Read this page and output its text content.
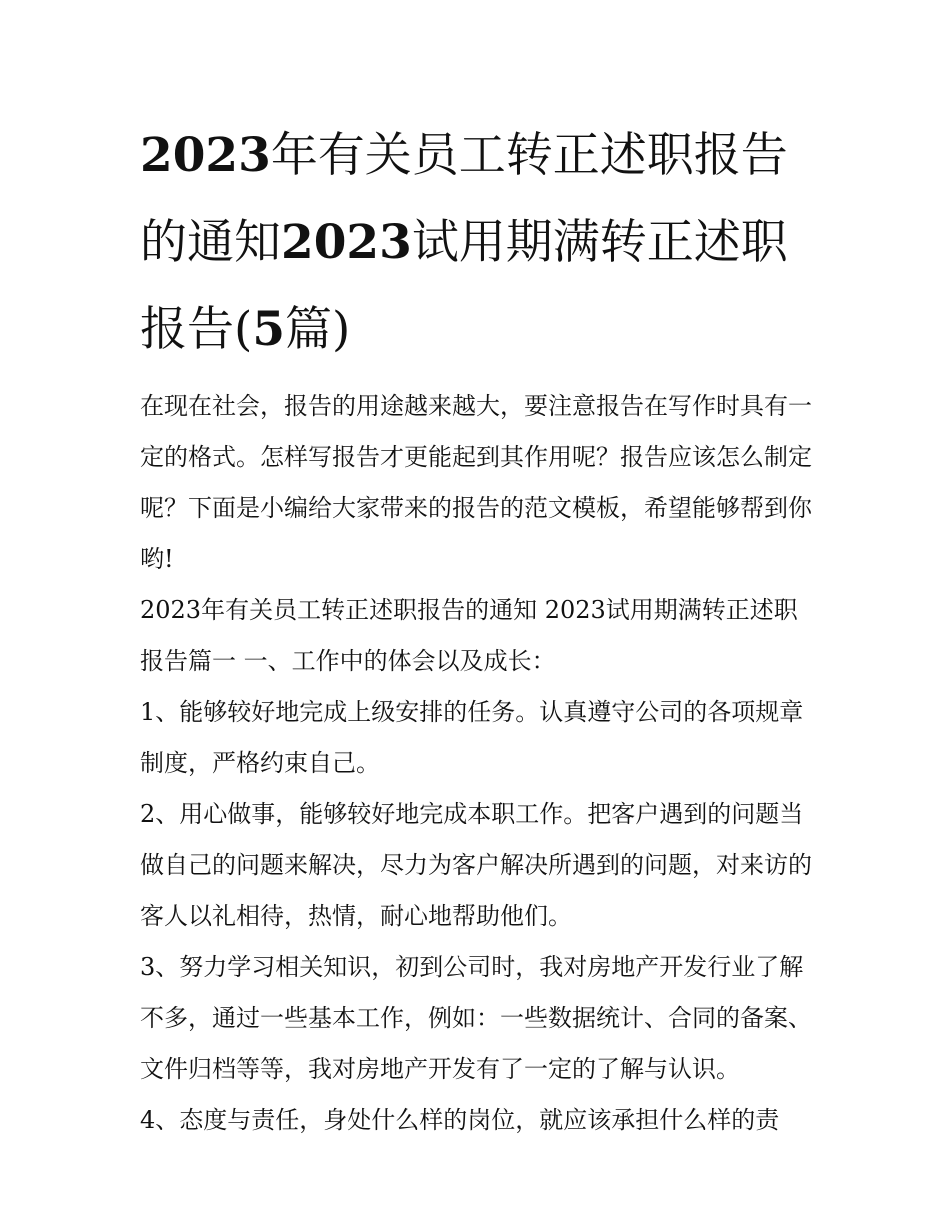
2023年有关员工转正述职报告的通知2023试用期满转正述职报告(5篇)

在现在社会，报告的用途越来越大，要注意报告在写作时具有一定的格式。怎样写报告才更能起到其作用呢？报告应该怎么制定呢？下面是小编给大家带来的报告的范文模板，希望能够帮到你哟!

2023年有关员工转正述职报告的通知 2023试用期满转正述职报告篇一 一、工作中的体会以及成长：

1、能够较好地完成上级安排的任务。认真遵守公司的各项规章制度，严格约束自己。

2、用心做事，能够较好地完成本职工作。把客户遇到的问题当做自己的问题来解决，尽力为客户解决所遇到的问题，对来访的客人以礼相待，热情，耐心地帮助他们。

3、努力学习相关知识，初到公司时，我对房地产开发行业了解不多，通过一些基本工作，例如：一些数据统计、合同的备案、文件归档等等，我对房地产开发有了一定的了解与认识。

4、态度与责任，身处什么样的岗位，就应该承担什么样的责
